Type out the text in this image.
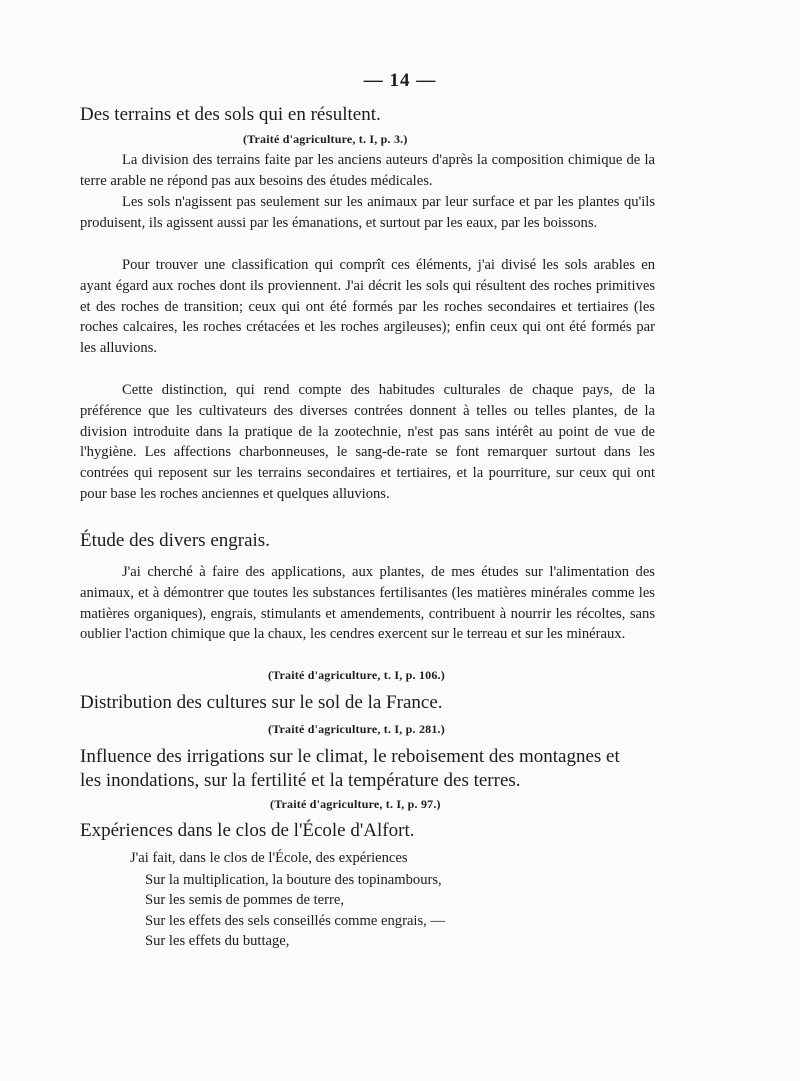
— 14 —
Des terrains et des sols qui en résultent.
(Traité d'agriculture, t. I, p. 3.)
La division des terrains faite par les anciens auteurs d'après la composition chimique de la terre arable ne répond pas aux besoins des études médicales.
Les sols n'agissent pas seulement sur les animaux par leur surface et par les plantes qu'ils produisent, ils agissent aussi par les émanations, et surtout par les eaux, par les boissons.
Pour trouver une classification qui comprît ces éléments, j'ai divisé les sols arables en ayant égard aux roches dont ils proviennent. J'ai décrit les sols qui résultent des roches primitives et des roches de transition; ceux qui ont été formés par les roches secondaires et tertiaires (les roches calcaires, les roches crétacées et les roches argileuses); enfin ceux qui ont été formés par les alluvions.
Cette distinction, qui rend compte des habitudes culturales de chaque pays, de la préférence que les cultivateurs des diverses contrées donnent à telles ou telles plantes, de la division introduite dans la pratique de la zootechnie, n'est pas sans intérêt au point de vue de l'hygiène. Les affections charbonneuses, le sang-de-rate se font remarquer surtout dans les contrées qui reposent sur les terrains secondaires et tertiaires, et la pourriture, sur ceux qui ont pour base les roches anciennes et quelques alluvions.
Étude des divers engrais.
J'ai cherché à faire des applications, aux plantes, de mes études sur l'alimentation des animaux, et à démontrer que toutes les substances fertilisantes (les matières minérales comme les matières organiques), engrais, stimulants et amendements, contribuent à nourrir les récoltes, sans oublier l'action chimique que la chaux, les cendres exercent sur le terreau et sur les minéraux.
(Traité d'agriculture, t. I, p. 106.)
Distribution des cultures sur le sol de la France.
(Traité d'agriculture, t. I, p. 281.)
Influence des irrigations sur le climat, le reboisement des montagnes et
les inondations, sur la fertilité et la température des terres.
(Traité d'agriculture, t. I, p. 97.)
Expériences dans le clos de l'École d'Alfort.
J'ai fait, dans le clos de l'École, des expériences
Sur la multiplication, la bouture des topinambours,
Sur les semis de pommes de terre,
Sur les effets des sels conseillés comme engrais, —
Sur les effets du buttage,
